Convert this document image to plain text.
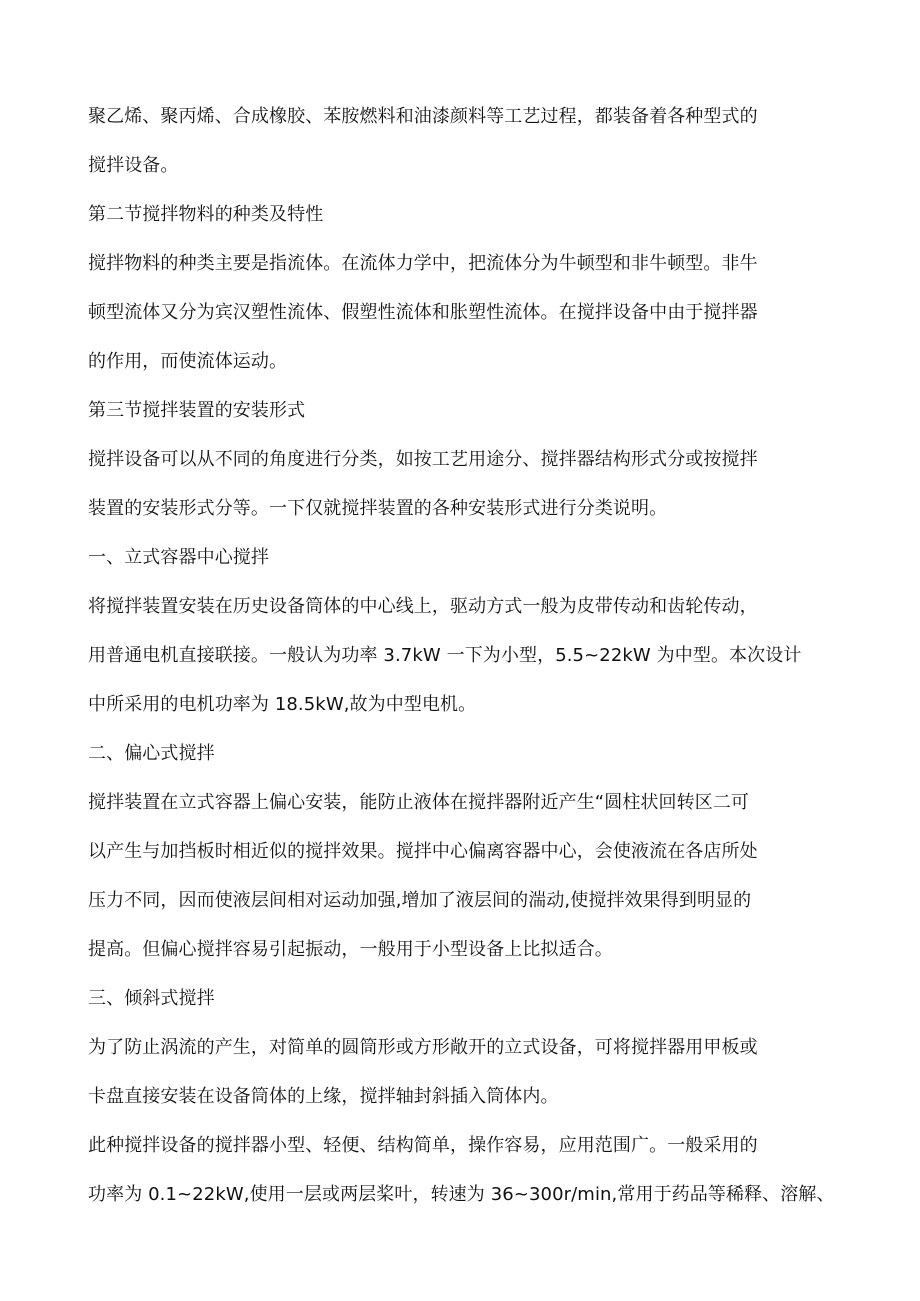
聚乙烯、聚丙烯、合成橡胶、苯胺燃料和油漆颜料等工艺过程，都装备着各种型式的
搅拌设备。
第二节搅拌物料的种类及特性
搅拌物料的种类主要是指流体。在流体力学中，把流体分为牛顿型和非牛顿型。非牛
顿型流体又分为宾汉塑性流体、假塑性流体和胀塑性流体。在搅拌设备中由于搅拌器
的作用，而使流体运动。
第三节搅拌装置的安装形式
搅拌设备可以从不同的角度进行分类，如按工艺用途分、搅拌器结构形式分或按搅拌
装置的安装形式分等。一下仅就搅拌装置的各种安装形式进行分类说明。
一、立式容器中心搅拌
将搅拌装置安装在历史设备筒体的中心线上，驱动方式一般为皮带传动和齿轮传动，
用普通电机直接联接。一般认为功率 3.7kW 一下为小型，5.5~22kW 为中型。本次设计
中所采用的电机功率为 18.5kW,故为中型电机。
二、偏心式搅拌
搅拌装置在立式容器上偏心安装，能防止液体在搅拌器附近产生“圆柱状回转区二可
以产生与加挡板时相近似的搅拌效果。搅拌中心偏离容器中心，会使液流在各店所处
压力不同，因而使液层间相对运动加强,增加了液层间的湍动,使搅拌效果得到明显的
提高。但偏心搅拌容易引起振动，一般用于小型设备上比拟适合。
三、倾斜式搅拌
为了防止涡流的产生，对简单的圆筒形或方形敞开的立式设备，可将搅拌器用甲板或
卡盘直接安装在设备筒体的上缘，搅拌轴封斜插入筒体内。
此种搅拌设备的搅拌器小型、轻便、结构简单，操作容易，应用范围广。一般采用的
功率为 0.1~22kW,使用一层或两层桨叶，转速为 36~300r/min,常用于药品等稀释、溶解、
